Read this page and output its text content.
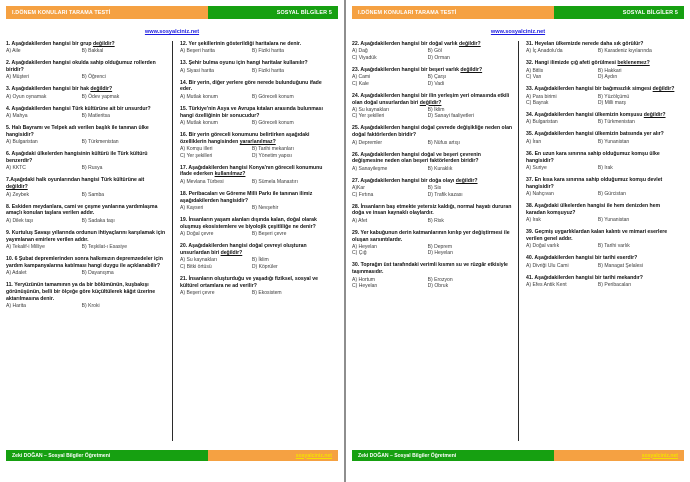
I.DÖNEM KONULARI TARAMA TESTİ	SOSYAL BİLGİLER 5
www.sosyalciniz.net
1. Aşağıdakilerden hangisi bir grup değildir?
A) Aile	B) Bakkal
2. Aşağıdakilerden hangisi okulda sahip olduğumuz rollerden biridir?
A) Müşteri	B) Öğrenci
3. Aşağıdakilerden hangisi bir hak değildir?
A) Oyun oynamak	B) Ödev yapmak
4. Aşağıdakilerden hangisi Türk kültürüne ait bir unsurdur?
A) Mahya	B) Matleritsa
5. Halı Bayramı ve Telpek adı verilen başlık ile tanınan ülke hangisidir?
A) Bulgaristan	B) Türkmenistan
6. Aşağıdaki ülkelerden hangisinin kültürü ile Türk kültürü benzerdir?
A) KKTC	B) Rusya
7.Aşağıdaki halk oyunlarından hangisi Türk kültürüne ait değildir?
A) Zeybek	B) Samba
8. Eskiden meydanlara, cami ve çeşme yanlarına yardımlaşma amaçlı konulan taşlara verilen addır.
A) Dilek taşı	B) Sadaka taşı
9. Kurtuluş Savaşı yıllarında ordunun ihtiyaçlarını karşılamak için yayımlanan emirlere verilen addır.
A) Tekalif-i Milliye	B) Teşkilat-ı Esasiye
10. 6 Şubat depremlerinden sonra halkımızın depremzedeler için yardım kampanyalarına katılması hangi duygu ile açıklanabilir?
A) Adalet	B) Dayanışma
11. Yeryüzünün tamamının ya da bir bölümünün, kuşbakışı görünüşünün, belli bir ölçeğe göre küçültülerek kâğıt üzerine aktarılmasına denir.
A) Harita	B) Kroki
12. Yer şekillerinin gösterildiği haritalara ne denir.
A) Beşeri harita	B) Fiziki harita
13. Şehir bulma oyunu için hangi haritalar kullanılır?
A) Siyasi harita	B) Fiziki harita
14. Bir yerin, diğer yerlere göre nerede bulunduğunu ifade eder.
A) Mutlak konum	B) Göreceli konum
15. Türkiye'nin Asya ve Avrupa kıtaları arasında bulunması hangi özelliğinin bir sonucudur?
A) Mutlak konum	B) Göreceli konum
16. Bir yerin göreceli konumunu belirtirken aşağıdaki özelliklerin hangisinden yararlanılmaz?
A) Komşu illeri	B) Tarihi mekanları
C) Yer şekilleri	D) Yönetim yapısı
17. Aşağıdakilerden hangisi Konya'nın göreceli konumunu ifade ederken kullanılmaz?
A) Mevlana Türbesi	B) Sümela Manastırı
18. Peribacaları ve Göreme Milli Parkı ile tanınan ilimiz aşağıdakilerden hangisidir?
A) Kayseri	B) Nevşehir
19. İnsanların yaşam alanları dışında kalan, doğal olarak oluşmuş ekosistemlere ve biyolojik çeşitliliğe ne denir?
A) Doğal çevre	B) Beşeri çevre
20. Aşağıdakilerden hangisi doğal çevreyi oluşturan unsurlardan biri değildir?
A) Su kaynakları	B) İklim
C) Bitki örtüsü	D) Köprüler
21. İnsanların oluşturduğu ve yaşadığı fiziksel, sosyal ve kültürel ortamlara ne ad verilir?
A) Beşeri çevre	B) Ekosistem
Zeki DOĞAN – Sosyal Bilgiler Öğretmeni	sosyalciniz.net
I.DÖNEM KONULARI TARAMA TESTİ	SOSYAL BİLGİLER 5
www.sosyalciniz.net
22. Aşağıdakilerden hangisi bir doğal varlık değildir?
A) Dağ	B) Göl
C) Viyadük	D) Orman
23. Aşağıdakilerden hangisi bir beşeri varlık değildir?
A) Cami	B) Çarşı
C) Kale	D) Vadi
24. Aşağıdakilerden hangisi bir ilin yerleşim yeri olmasında etkili olan doğal unsurlardan biri değildir?
A) Su kaynakları	B) İklim
C) Yer şekilleri	D) Sanayi faaliyetleri
25. Aşağıdakilerden hangisi doğal çevrede değişikliğe neden olan doğal faktörlerden biridir?
A) Depremler	B) Nüfus artışı
26. Aşağıdakilerden hangisi doğal ve beşeri çevrenin değişmesine neden olan beşeri faktörlerden biridir?
A) Sanayileşme	B) Kuraklık
27. Aşağıdakilerden hangisi bir doğa olayı değildir?
A)Kar	B) Sis
C) Fırtına	D) Trafik kazası
28. İnsanların baş etmekte yetersiz kaldığı, normal hayatı dururan doğa ve insan kaynaklı olaylardır.
A) Afet	B) Risk
29. Yer kabuğunun derin katmanlarının kırılıp yer değiştirmesi ile oluşan sarsıntılardır.
A) Heyelan	B) Deprem
C) Çığ	D) Heyelan
30. Toprağın üst tarafındaki verimli kısmın su ve rüzgâr etkisiyle taşınmasıdır.
A) Hortum	B) Erozyon
C) Heyelan	D) Obruk
31. Heyelan ülkemizde nerede daha sık görülür?
A) İç Anadolu'da	B) Karadeniz kıyılarında
32. Hangi ilimizde çığ afeti görülmesi beklenemez?
A) Bitlis	B) Hakkari
C) Van	D) Aydın
33. Aşağıdakilerden hangisi bir bağımsızlık simgesi değildir?
A) Para birimi	B) Yüzölçümü
C) Bayrak	D) Milli marş
34. Aşağıdakilerden hangisi ülkemizin komşusu değildir?
A) Bulgaristan	B) Türkmenistan
35. Aşağıdakilerden hangisi ülkemizin batısında yer alır?
A) İran	B) Yunanistan
36. En uzun kara sınırına sahip olduğumuz komşu ülke hangisidir?
A) Suriye	B) Irak
37. En kısa kara sınırına sahip olduğumuz komşu devlet hangisidir?
A) Nahçıvan	B) Gürcistan
38. Aşağıdaki ülkelerden hangisi ile hem denizden hem karadan komşuyuz?
A) Irak	B) Yunanistan
39. Geçmiş uygarlıklardan kalan kalıntı ve mimari eserlere verilen genel addır.
A) Doğal varlık	B) Tarihi varlık
40. Aşağıdakilerden hangisi bir tarihi eserdir?
A) Divriği Ulu Cami	B) Managat Şelalesi
41. Aşağıdakilerden hangisi bir tarihi mekandır?
A) Efes Antik Kent	B) Peribacaları
Zeki DOĞAN – Sosyal Bilgiler Öğretmeni	sosyalciniz.net
